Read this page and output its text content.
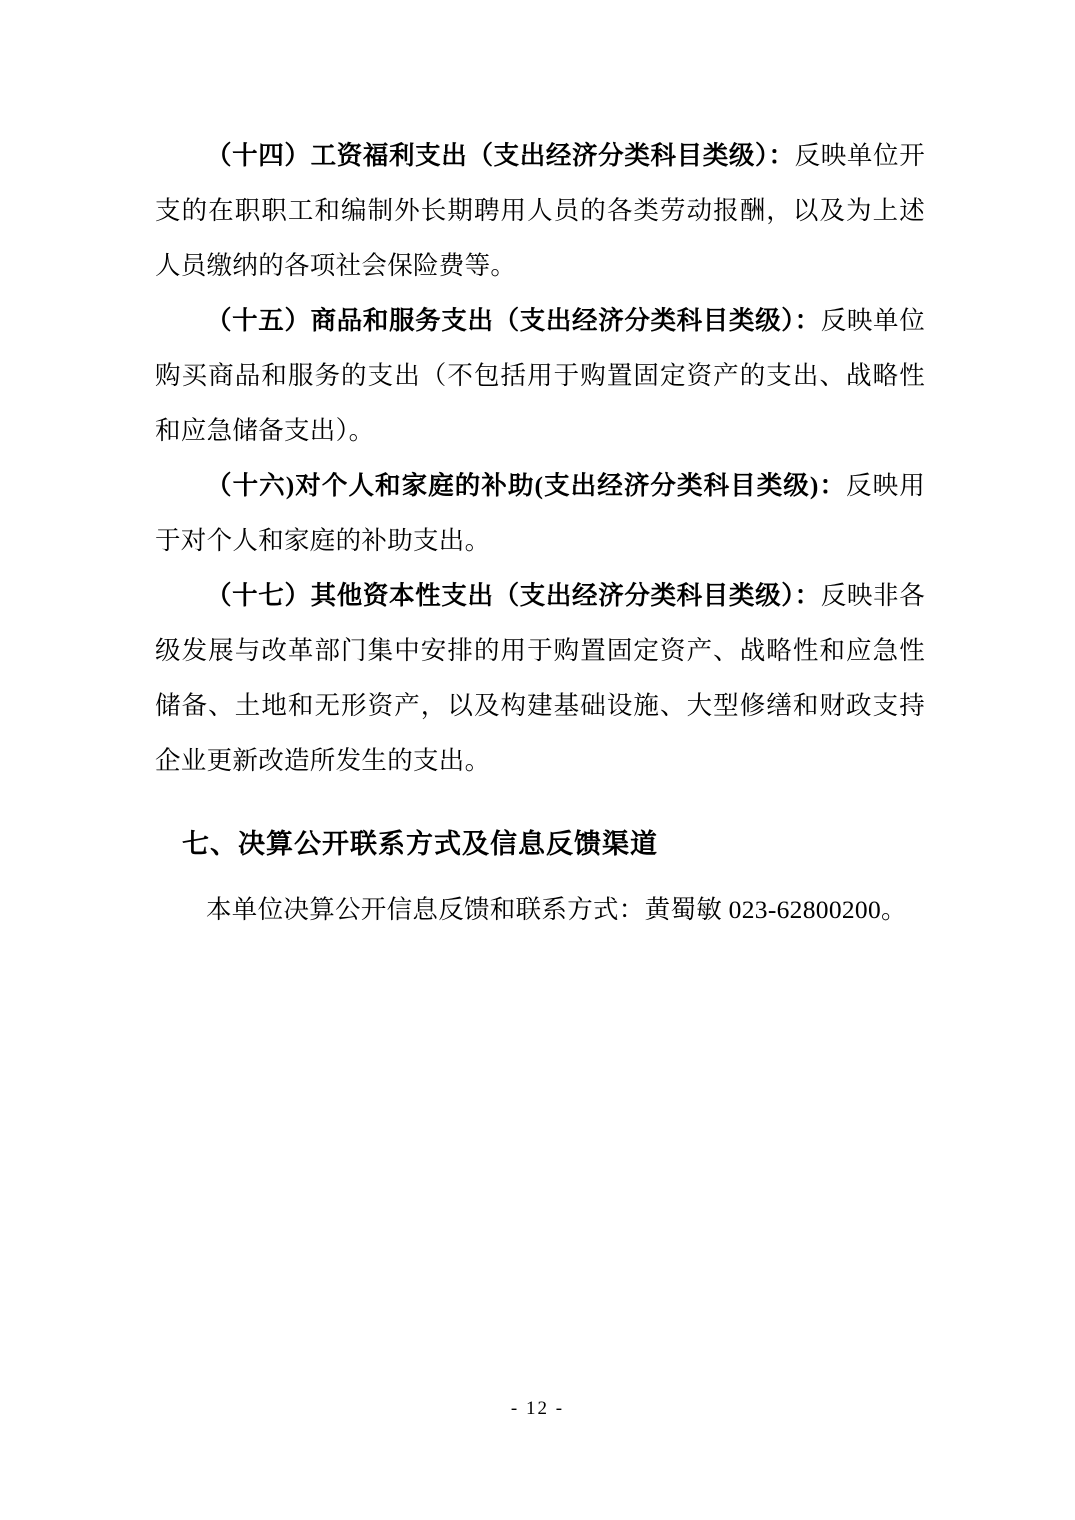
（十四）工资福利支出（支出经济分类科目类级）：反映单位开支的在职职工和编制外长期聘用人员的各类劳动报酬，以及为上述人员缴纳的各项社会保险费等。

（十五）商品和服务支出（支出经济分类科目类级）：反映单位购买商品和服务的支出（不包括用于购置固定资产的支出、战略性和应急储备支出）。

（十六)对个人和家庭的补助(支出经济分类科目类级)：反映用于对个人和家庭的补助支出。

（十七）其他资本性支出（支出经济分类科目类级）：反映非各级发展与改革部门集中安排的用于购置固定资产、战略性和应急性储备、土地和无形资产，以及构建基础设施、大型修缮和财政支持企业更新改造所发生的支出。

七、决算公开联系方式及信息反馈渠道

本单位决算公开信息反馈和联系方式：黄蜀敏 023-62800200。

- 12 -
